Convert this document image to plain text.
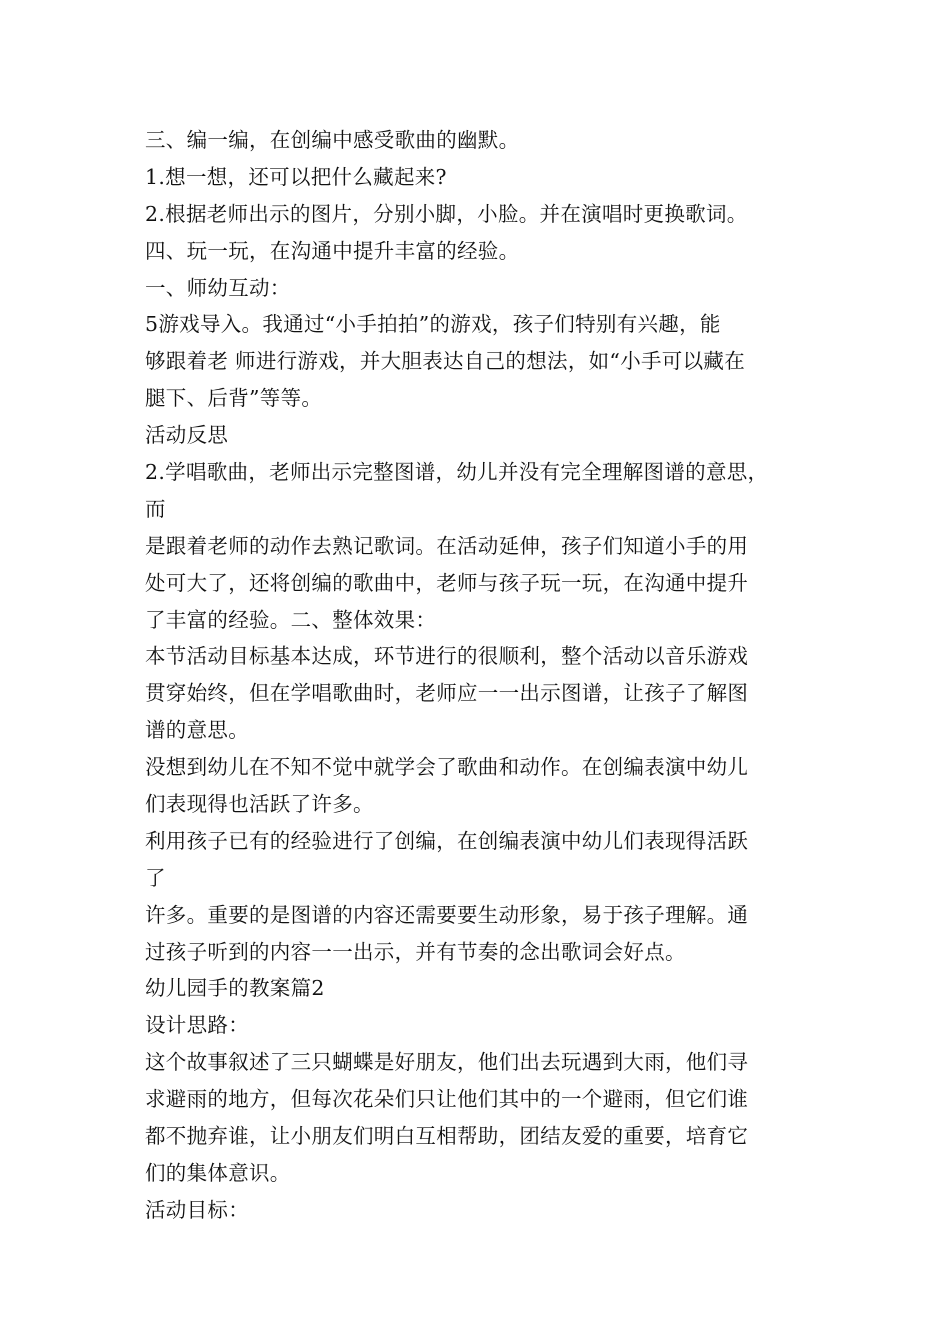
三、编一编，在创编中感受歌曲的幽默。
1.想一想，还可以把什么藏起来?
2.根据老师出示的图片，分别小脚，小脸。并在演唱时更换歌词。
四、玩一玩，在沟通中提升丰富的经验。
一、师幼互动：
5游戏导入。我通过“小手拍拍”的游戏，孩子们特别有兴趣，能
够跟着老 师进行游戏，并大胆表达自己的想法，如“小手可以藏在
腿下、后背”等等。
活动反思
2.学唱歌曲，老师出示完整图谱，幼儿并没有完全理解图谱的意思，
而
是跟着老师的动作去熟记歌词。在活动延伸，孩子们知道小手的用
处可大了，还将创编的歌曲中，老师与孩子玩一玩，在沟通中提升
了丰富的经验。二、整体效果：
本节活动目标基本达成，环节进行的很顺利，整个活动以音乐游戏
贯穿始终，但在学唱歌曲时，老师应一一出示图谱，让孩子了解图
谱的意思。
没想到幼儿在不知不觉中就学会了歌曲和动作。在创编表演中幼儿
们表现得也活跃了许多。
利用孩子已有的经验进行了创编，在创编表演中幼儿们表现得活跃
了
许多。重要的是图谱的内容还需要要生动形象，易于孩子理解。通
过孩子听到的内容一一出示，并有节奏的念出歌词会好点。
幼儿园手的教案篇2
设计思路：
这个故事叙述了三只蝴蝶是好朋友，他们出去玩遇到大雨，他们寻
求避雨的地方，但每次花朵们只让他们其中的一个避雨，但它们谁
都不抛弃谁，让小朋友们明白互相帮助，团结友爱的重要，培育它
们的集体意识。
活动目标：
